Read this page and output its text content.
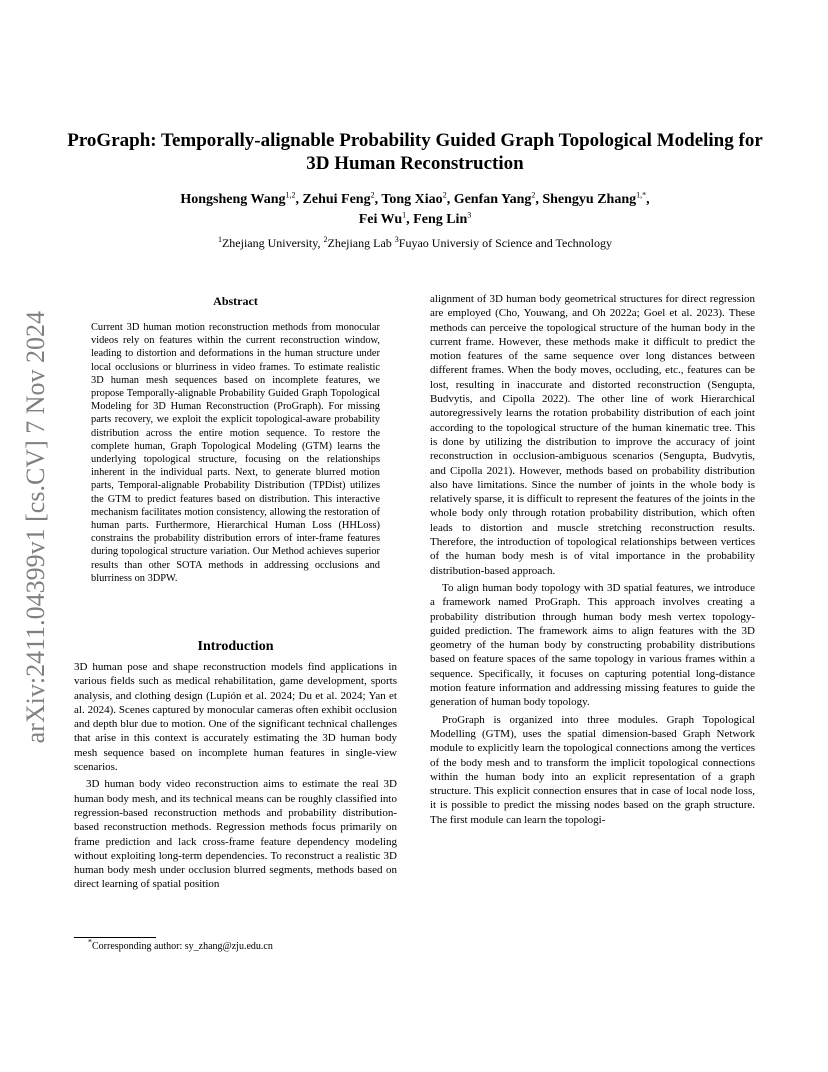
arXiv:2411.04399v1 [cs.CV] 7 Nov 2024
ProGraph: Temporally-alignable Probability Guided Graph Topological Modeling for 3D Human Reconstruction
Hongsheng Wang$^{1,2}$, Zehui Feng$^2$, Tong Xiao$^2$, Genfan Yang$^2$, Shengyu Zhang$^{1,*}$,
Fei Wu$^1$, Feng Lin$^3$
$^1$Zhejiang University, $^2$Zhejiang Lab $^3$Fuyao Universiy of Science and Technology
Abstract

Current 3D human motion reconstruction methods from monocular videos rely on features within the current reconstruction window, leading to distortion and deformations in the human structure under local occlusions or blurriness in video frames. To estimate realistic 3D human mesh sequences based on incomplete features, we propose Temporally-alignable Probability Guided Graph Topological Modeling for 3D Human Reconstruction (ProGraph). For missing parts recovery, we exploit the explicit topological-aware probability distribution across the entire motion sequence. To restore the complete human, Graph Topological Modeling (GTM) learns the underlying topological structure, focusing on the relationships inherent in the individual parts. Next, to generate blurred motion parts, Temporal-alignable Probability Distribution (TPDist) utilizes the GTM to predict features based on distribution. This interactive mechanism facilitates motion consistency, allowing the restoration of human parts. Furthermore, Hierarchical Human Loss (HHLoss) constrains the probability distribution errors of inter-frame features during topological structure variation. Our Method achieves superior results than other SOTA methods in addressing occlusions and blurriness on 3DPW.

Introduction

3D human pose and shape reconstruction models find applications in various fields such as medical rehabilitation, game development, sports analysis, and clothing design (Lupión et al. 2024; Du et al. 2024; Yan et al. 2024). Scenes captured by monocular cameras often exhibit occlusion and depth blur due to motion. One of the significant technical challenges that arise in this context is accurately estimating the 3D human body mesh sequence based on incomplete human features in single-view scenarios.

3D human body video reconstruction aims to estimate the real 3D human body mesh, and its technical means can be roughly classified into regression-based reconstruction methods and probability distribution-based reconstruction methods. Regression methods focus primarily on frame prediction and lack cross-frame feature dependency modeling without exploiting long-term dependencies. To reconstruct a realistic 3D human body mesh under occlusion blurred segments, methods based on direct learning of spatial position

alignment of 3D human body geometrical structures for direct regression are employed (Cho, Youwang, and Oh 2022a; Goel et al. 2023). These methods can perceive the topological structure of the human body in the current frame. However, these methods make it difficult to predict the motion features of the same sequence over long distances between different frames. When the body moves, occluding, etc., features can be lost, resulting in inaccurate and distorted reconstruction (Sengupta, Budvytis, and Cipolla 2022). The other line of work Hierarchical autoregressively learns the rotation probability distribution of each joint according to the topological structure of the human kinematic tree. This is done by utilizing the distribution to improve the accuracy of joint reconstruction in occlusion-ambiguous scenarios (Sengupta, Budvytis, and Cipolla 2021). However, methods based on probability distribution also have limitations. Since the number of joints in the whole body is relatively sparse, it is difficult to represent the features of the joints in the whole body only through rotation probability distribution, which often leads to distortion and muscle stretching reconstruction results. Therefore, the introduction of topological relationships between vertices of the human body mesh is of vital importance in the probability distribution-based approach.

To align human body topology with 3D spatial features, we introduce a framework named ProGraph. This approach involves creating a probability distribution through human body mesh vertex topology-guided prediction. The framework aims to align features with the 3D geometry of the human body by constructing probability distributions based on feature spaces of the same topology in various frames within a sequence. Specifically, it focuses on capturing potential long-distance motion feature information and addressing missing features to guide the generation of human body topology.

ProGraph is organized into three modules. Graph Topological Modelling (GTM), uses the spatial dimension-based Graph Network module to explicitly learn the topological connections among the vertices of the body mesh and to transform the implicit topological connections within the human body into an explicit representation of a graph structure. This explicit connection ensures that in case of local node loss, it is possible to predict the missing nodes based on the graph structure. The first module can learn the topologi-

*Corresponding author: sy_zhang@zju.edu.cn
